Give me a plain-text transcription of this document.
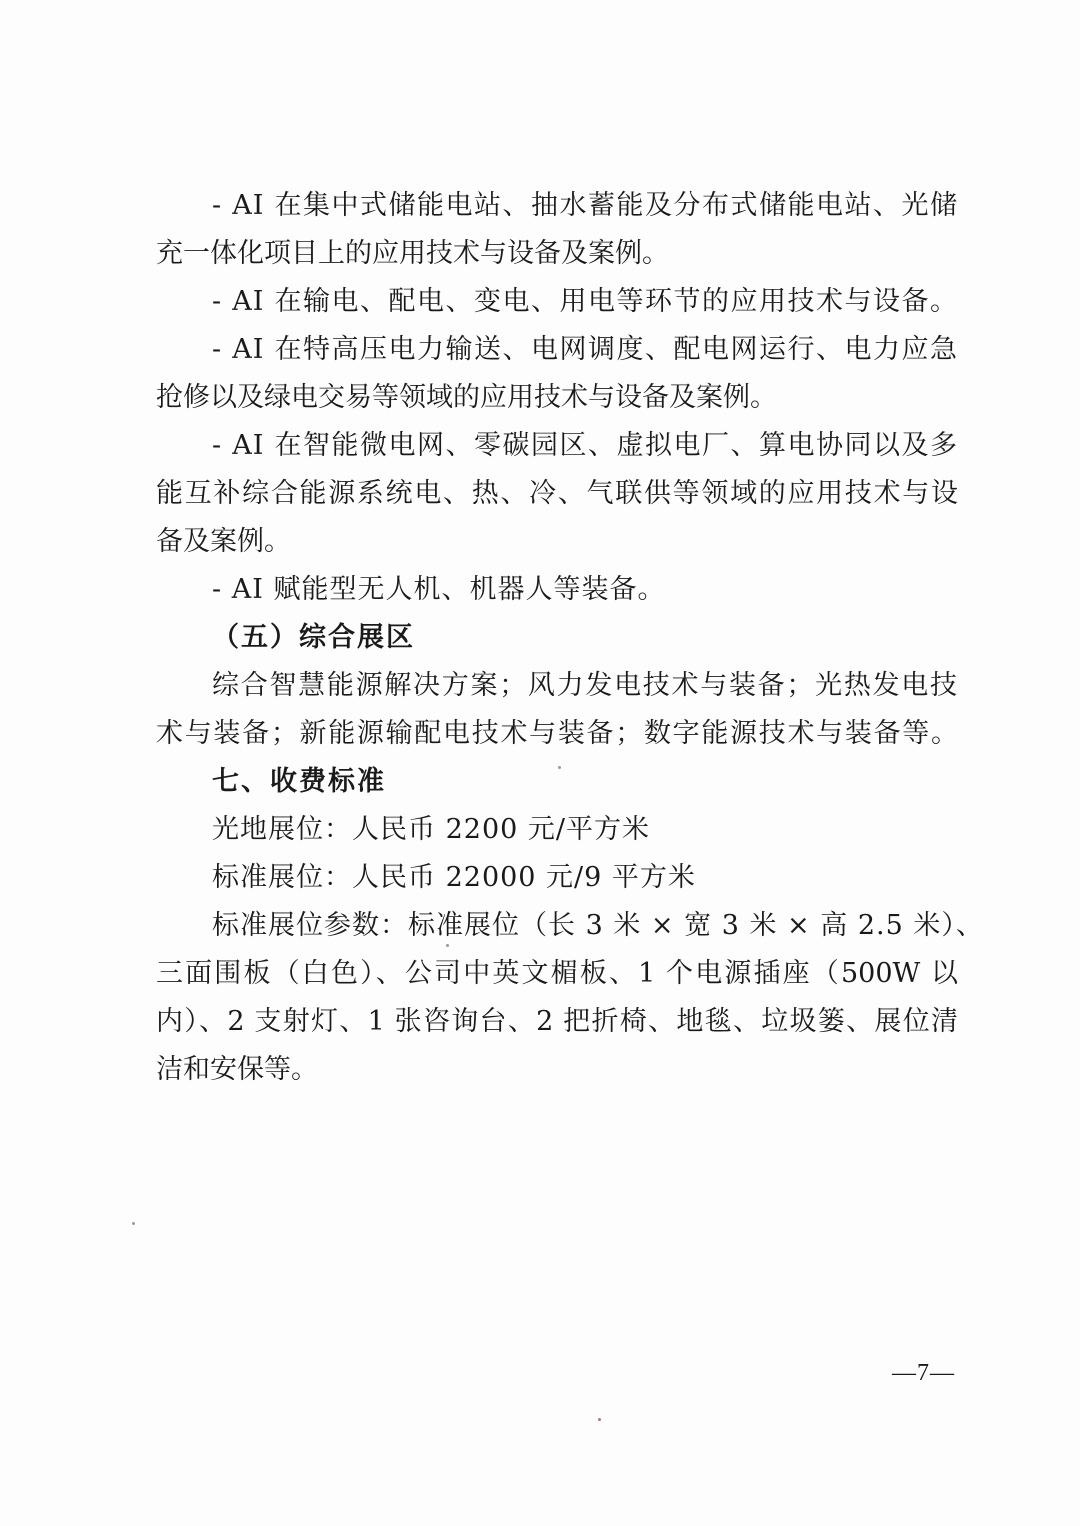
- AI 在集中式储能电站、抽水蓄能及分布式储能电站、光储
充一体化项目上的应用技术与设备及案例。
- AI 在输电、配电、变电、用电等环节的应用技术与设备。
- AI 在特高压电力输送、电网调度、配电网运行、电力应急
抢修以及绿电交易等领域的应用技术与设备及案例。
- AI 在智能微电网、零碳园区、虚拟电厂、算电协同以及多
能互补综合能源系统电、热、冷、气联供等领域的应用技术与设
备及案例。
- AI 赋能型无人机、机器人等装备。
（五）综合展区
综合智慧能源解决方案；风力发电技术与装备；光热发电技
术与装备；新能源输配电技术与装备；数字能源技术与装备等。
七、收费标准
光地展位：人民币 2200 元/平方米
标准展位：人民币 22000 元/9 平方米
标准展位参数：标准展位（长 3 米 × 宽 3 米 × 高 2.5 米）、
三面围板（白色）、公司中英文楣板、1 个电源插座（500W 以
内）、2 支射灯、1 张咨询台、2 把折椅、地毯、垃圾篓、展位清
洁和安保等。
—7—
